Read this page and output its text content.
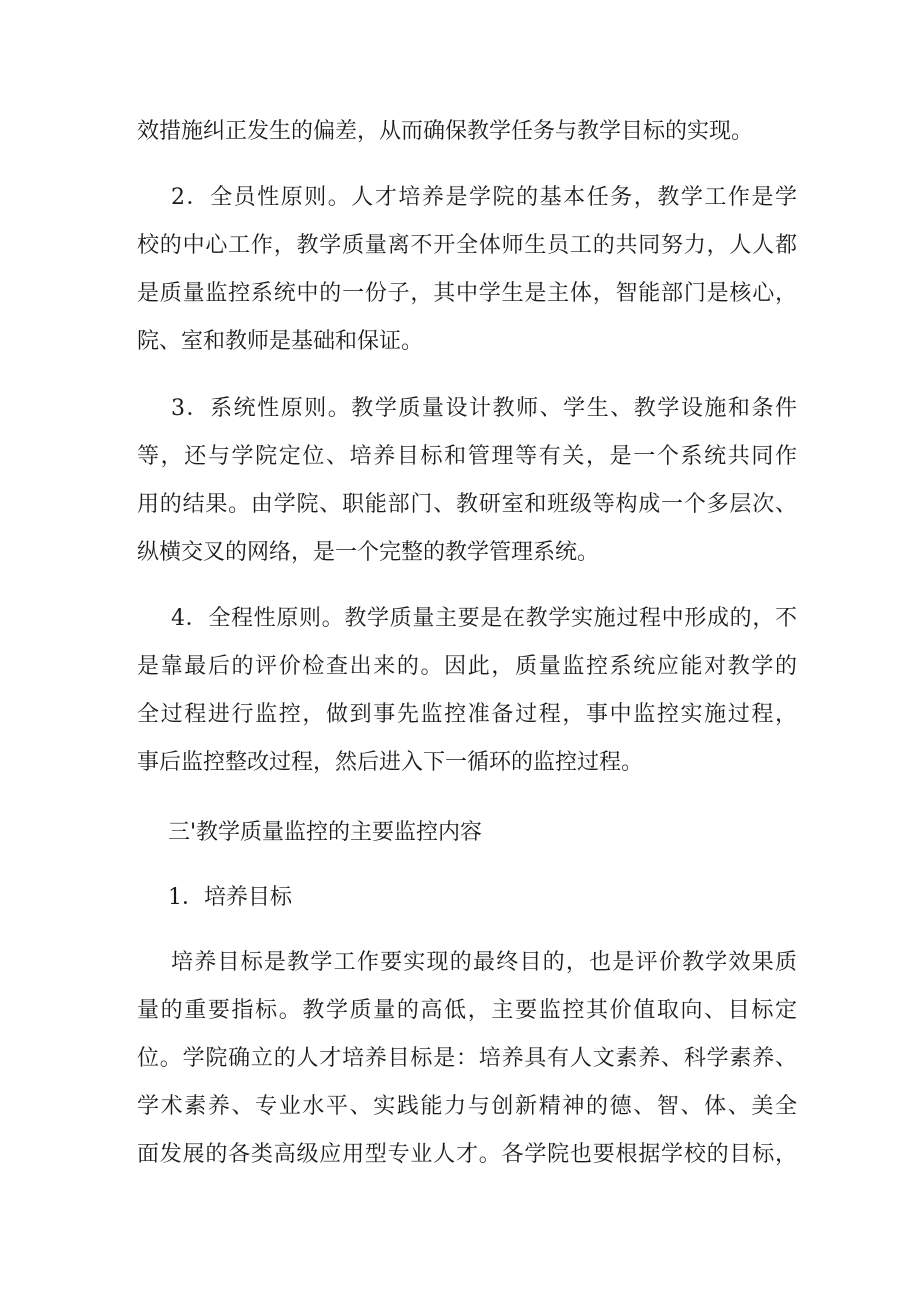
效措施纠正发生的偏差，从而确保教学任务与教学目标的实现。
2．全员性原则。人才培养是学院的基本任务，教学工作是学
校的中心工作，教学质量离不开全体师生员工的共同努力，人人都
是质量监控系统中的一份子，其中学生是主体，智能部门是核心，
院、室和教师是基础和保证。
3．系统性原则。教学质量设计教师、学生、教学设施和条件
等，还与学院定位、培养目标和管理等有关，是一个系统共同作
用的结果。由学院、职能部门、教研室和班级等构成一个多层次、
纵横交叉的网络，是一个完整的教学管理系统。
4．全程性原则。教学质量主要是在教学实施过程中形成的，不
是靠最后的评价检查出来的。因此，质量监控系统应能对教学的
全过程进行监控，做到事先监控准备过程，事中监控实施过程，
事后监控整改过程，然后进入下一循环的监控过程。
三'教学质量监控的主要监控内容
1．培养目标
培养目标是教学工作要实现的最终目的，也是评价教学效果质
量的重要指标。教学质量的高低，主要监控其价值取向、目标定
位。学院确立的人才培养目标是：培养具有人文素养、科学素养、
学术素养、专业水平、实践能力与创新精神的德、智、体、美全
面发展的各类高级应用型专业人才。各学院也要根据学校的目标，
